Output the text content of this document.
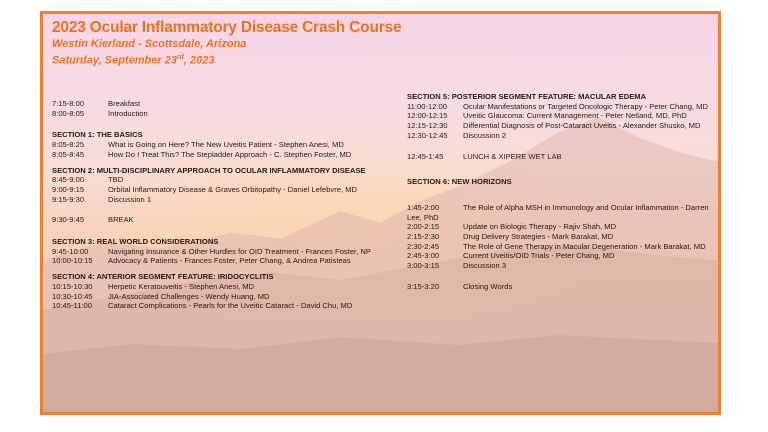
2023 Ocular Inflammatory Disease Crash Course
Westin Kierland - Scottsdale, Arizona
Saturday, September 23rd, 2023
7:15-8:00	Breakfast
8:00-8:05	Introduction
SECTION 1: THE BASICS
8:05-8:25	What is Going on Here? The New Uveitis Patient - Stephen Anesi, MD
8:05-8:45	How Do I Treat This? The Stepladder Approach - C. Stephen Foster, MD
SECTION 2: MULTI-DISCIPLINARY APPROACH TO OCULAR INFLAMMATORY DISEASE
8:45-9:00	TBD
9:00-9:15	Orbital Inflammatory Disease & Graves Orbitopathy - Daniel Lefebvre, MD
9:15-9:30	Discussion 1
9:30-9:45	BREAK
SECTION 3: REAL WORLD CONSIDERATIONS
9:45-10:00	Navigating Insurance & Other Hurdles for OID Treatment - Frances Foster, NP
10:00-10:15	Advocacy & Patients - Frances Foster, Peter Chang, & Andrea Patisteas
SECTION 4: ANTERIOR SEGMENT FEATURE: IRIDOCYCLITIS
10:15-10:30	Herpetic Keratouveitis - Stephen Anesi, MD
10:30-10:45	JIA-Associated Challenges - Wendy Huang, MD
10:45-11:00	Cataract Complications - Pearls for the Uveitic Cataract - David Chu, MD
SECTION 5: POSTERIOR SEGMENT FEATURE: MACULAR EDEMA
11:00-12:00 Ocular Manifestations or Targeted Oncologic Therapy - Peter Chang, MD
12:00-12:15 Uveitic Glaucoma: Current Management - Peter Netland, MD, PhD
12:15-12:30 Differential Diagnosis of Post-Cataract Uveitis - Alexander Shusko, MD
12:30-12:45 Discussion 2
12:45-1:45	LUNCH & XIPERE WET LAB
SECTION 6: NEW HORIZONS
1:45-2:00	The Role of Alpha MSH in Immunology and Ocular Inflammation - Darren Lee, PhD
2:00-2:15	Update on Biologic Therapy - Rajiv Shah, MD
2:15-2:30	Drug Delivery Strategies - Mark Barakat, MD
2:30-2:45	The Role of Gene Therapy in Macular Degeneration - Mark Barakat, MD
2:45-3:00	Current Uveitis/OID Trials - Peter Chang, MD
3:00-3:15	Discussion 3
3:15-3:20	Closing Words
